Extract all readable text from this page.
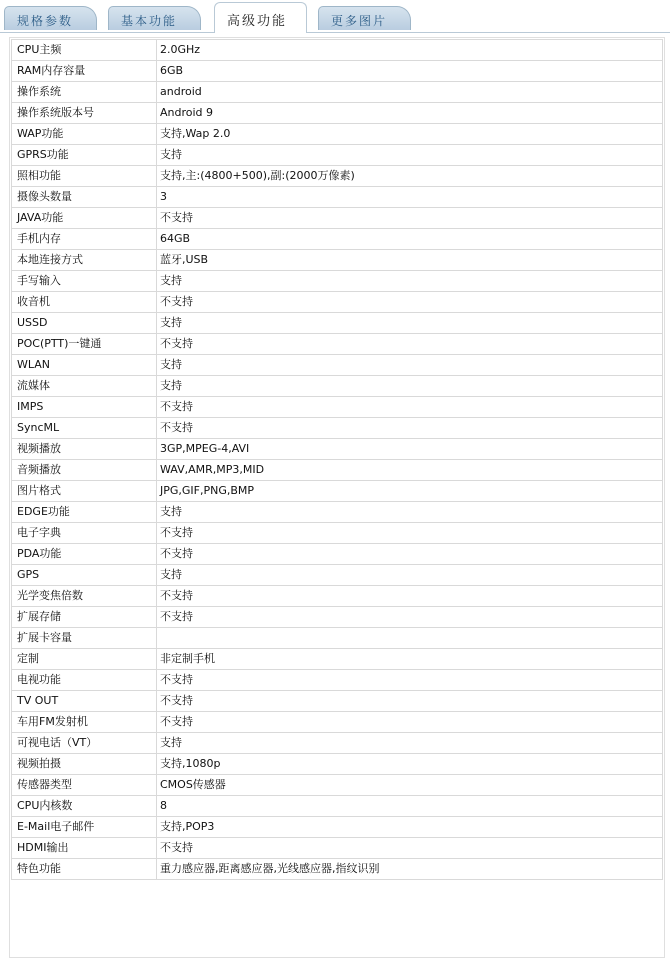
规格参数	基本功能	高级功能	更多图片
CPU主频	2.0GHz
RAM内存容量	6GB
操作系统	android
操作系统版本号	Android 9
WAP功能	支持,Wap 2.0
GPRS功能	支持
照相功能	支持,主:(4800+500),副:(2000万像素)
摄像头数量	3
JAVA功能	不支持
手机内存	64GB
本地连接方式	蓝牙,USB
手写输入	支持
收音机	不支持
USSD	支持
POC(PTT)一键通	不支持
WLAN	支持
流媒体	支持
IMPS	不支持
SyncML	不支持
视频播放	3GP,MPEG-4,AVI
音频播放	WAV,AMR,MP3,MID
图片格式	JPG,GIF,PNG,BMP
EDGE功能	支持
电子字典	不支持
PDA功能	不支持
GPS	支持
光学变焦倍数	不支持
扩展存储	不支持
扩展卡容量	
定制	非定制手机
电视功能	不支持
TV OUT	不支持
车用FM发射机	不支持
可视电话（VT）	支持
视频拍摄	支持,1080p
传感器类型	CMOS传感器
CPU内核数	8
E-Mail电子邮件	支持,POP3
HDMI输出	不支持
特色功能	重力感应器,距离感应器,光线感应器,指纹识别
